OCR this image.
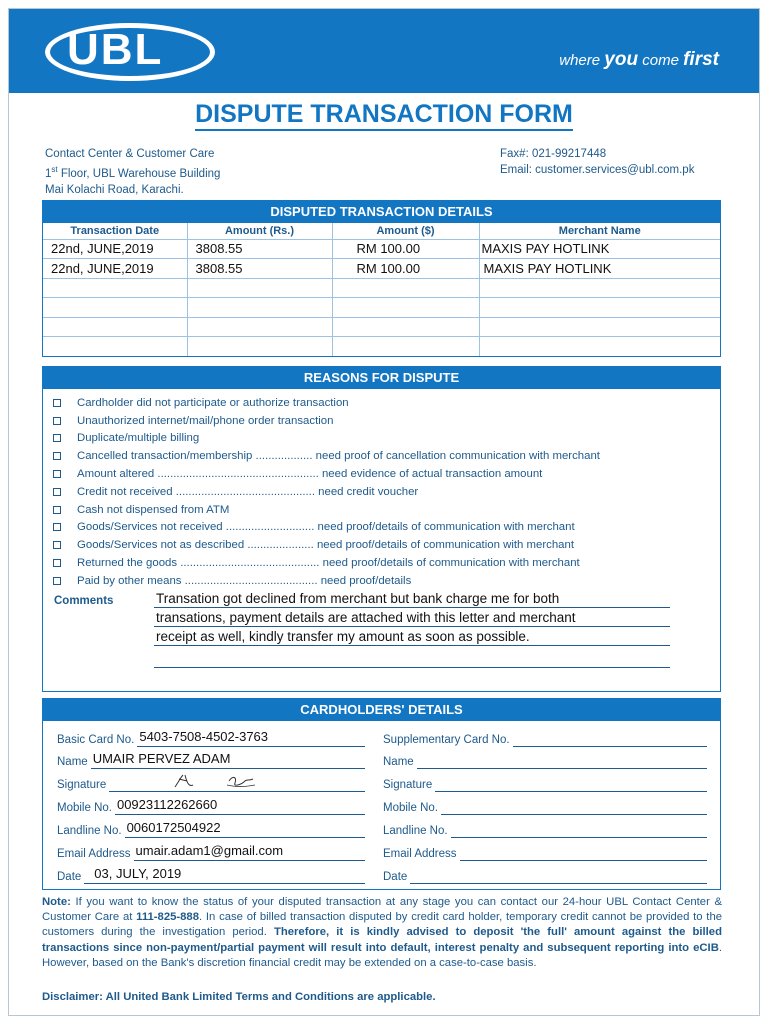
UBL	where you come first
DISPUTE TRANSACTION FORM
Contact Center & Customer Care
1st Floor, UBL Warehouse Building
Mai Kolachi Road, Karachi.
Fax#: 021-99217448
Email: customer.services@ubl.com.pk
DISPUTED TRANSACTION DETAILS
Transaction Date	Amount (Rs.)	Amount ($)	Merchant Name
22nd, JUNE,2019	3808.55	RM 100.00	MAXIS PAY HOTLINK
22nd, JUNE,2019	3808.55	RM 100.00	MAXIS PAY HOTLINK

REASONS FOR DISPUTE
Cardholder did not participate or authorize transaction
Unauthorized internet/mail/phone order transaction
Duplicate/multiple billing
Cancelled transaction/membership .................. need proof of cancellation communication with merchant
Amount altered ................................................... need evidence of actual transaction amount
Credit not received ............................................ need credit voucher
Cash not dispensed from ATM
Goods/Services not received ............................ need proof/details of communication with merchant
Goods/Services not as described ..................... need proof/details of communication with merchant
Returned the goods ............................................ need proof/details of communication with merchant
Paid by other means .......................................... need proof/details
Comments	Transation got declined from merchant but bank charge me for both
transations, payment details are attached with this letter and merchant
receipt as well, kindly transfer my amount as soon as possible.
CARDHOLDERS' DETAILS
Basic Card No. 5403-7508-4502-3763
Name UMAIR PERVEZ ADAM
Signature
Mobile No. 00923112262660
Landline No. 0060172504922
Email Address umair.adam1@gmail.com
Date	03, JULY, 2019
Supplementary Card No.
Name
Signature
Mobile No.
Landline No.
Email Address
Date
Note: If you want to know the status of your disputed transaction at any stage you can contact our 24-hour UBL Contact Center & Customer Care at 111-825-888. In case of billed transaction disputed by credit card holder, temporary credit cannot be provided to the customers during the investigation period. Therefore, it is kindly advised to deposit 'the full' amount against the billed transactions since non-payment/partial payment will result into default, interest penalty and subsequent reporting into eCIB. However, based on the Bank's discretion financial credit may be extended on a case-to-case basis.
Disclaimer: All United Bank Limited Terms and Conditions are applicable.
